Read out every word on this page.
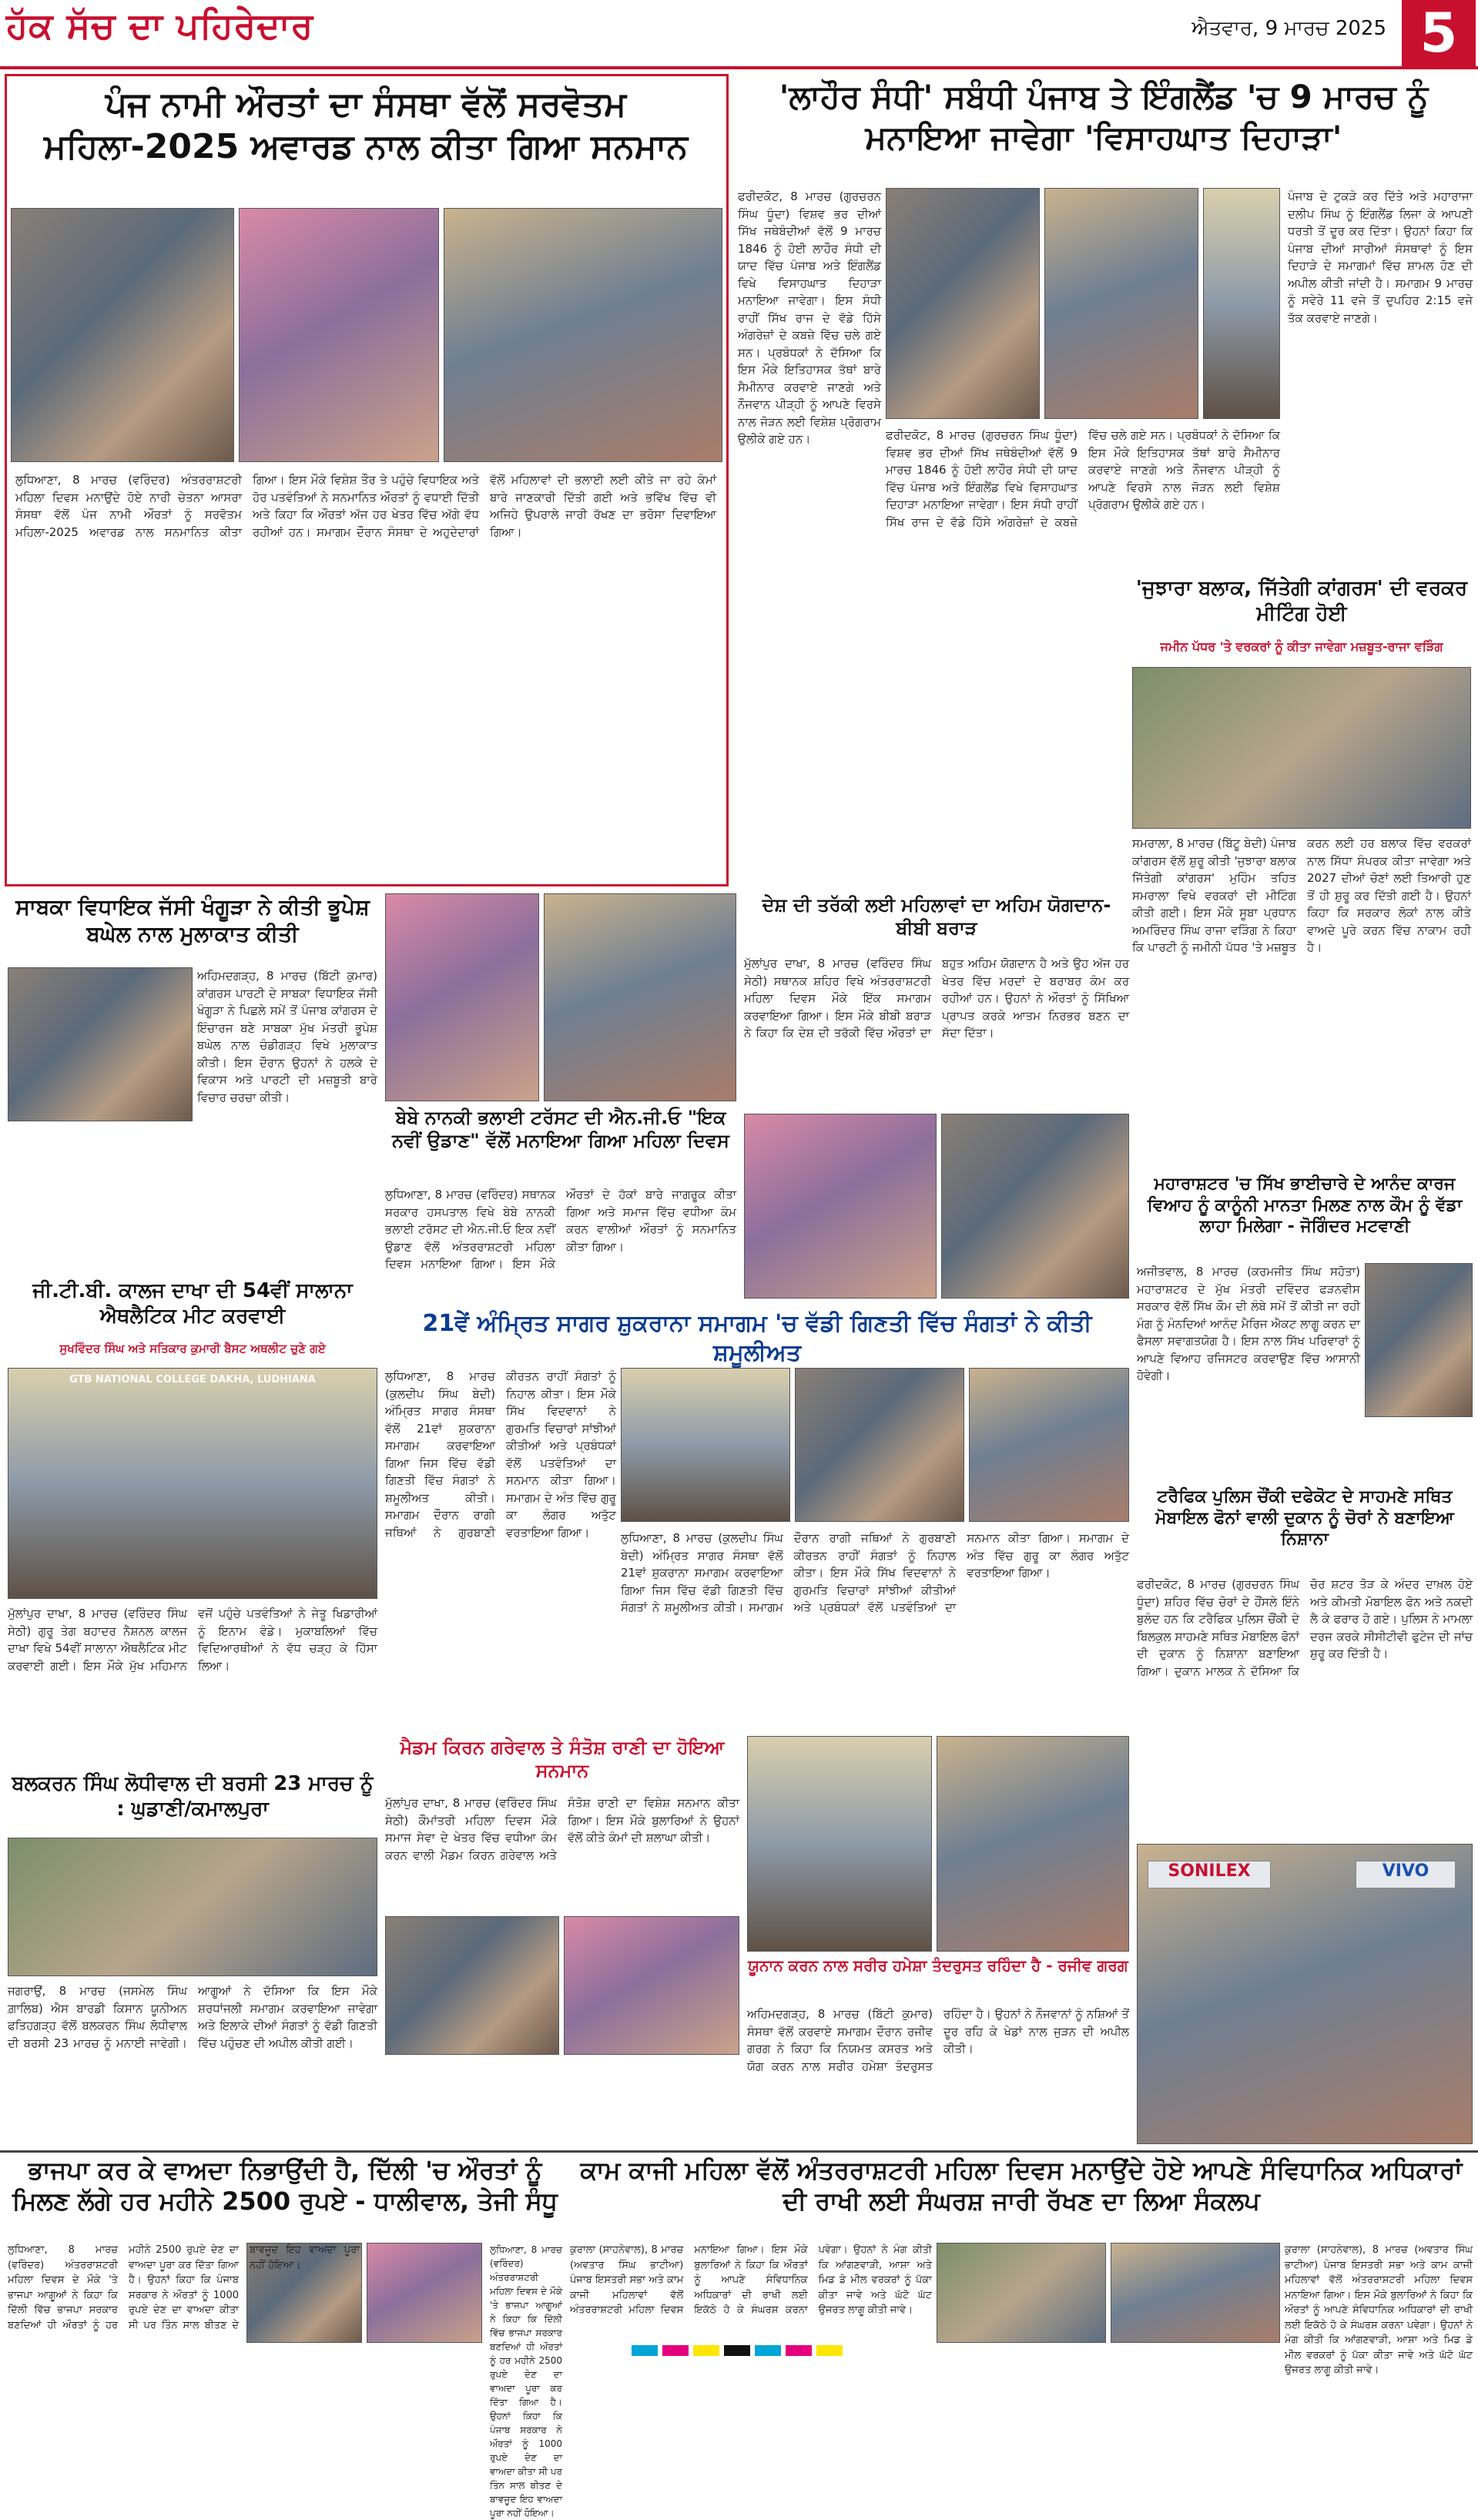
ਹੱਕ ਸੱਚ ਦਾ ਪਹਿਰੇਦਾਰ	ਐਤਵਾਰ, 9 ਮਾਰਚ 2025 5
ਪੰਜ ਨਾਮੀ ਔਰਤਾਂ ਦਾ ਸੰਸਥਾ ਵੱਲੋਂ ਸਰਵੋਤਮ ਮਹਿਲਾ-2025 ਅਵਾਰਡ ਨਾਲ ਕੀਤਾ ਗਿਆ ਸਨਮਾਨ
ਲੁਧਿਆਣਾ, 8 ਮਾਰਚ (ਵਰਿੰਦਰ) ਅੰਤਰਰਾਸ਼ਟਰੀ ਮਹਿਲਾ ਦਿਵਸ ਮਨਾਉਂਦੇ ਹੋਏ ਨਾਰੀ ਚੇਤਨਾ ਆਸਰਾ ਸੰਸਥਾ ਵੱਲੋਂ ਪੰਜ ਨਾਮੀ ਔਰਤਾਂ ਨੂੰ ਸਰਵੋਤਮ ਮਹਿਲਾ-2025 ਅਵਾਰਡ ਨਾਲ ਸਨਮਾਨਿਤ ਕੀਤਾ ਗਿਆ। ਇਸ ਮੌਕੇ ਵਿਸ਼ੇਸ਼ ਤੌਰ ਤੇ ਪਹੁੰਚੇ ਵਿਧਾਇਕ ਅਤੇ ਹੋਰ ਪਤਵੰਤਿਆਂ ਨੇ ਸਨਮਾਨਿਤ ਔਰਤਾਂ ਨੂੰ ਵਧਾਈ ਦਿੱਤੀ ਅਤੇ ਕਿਹਾ ਕਿ ਔਰਤਾਂ ਅੱਜ ਹਰ ਖੇਤਰ ਵਿੱਚ ਅੱਗੇ ਵੱਧ ਰਹੀਆਂ ਹਨ। ਸਮਾਗਮ ਦੌਰਾਨ ਸੰਸਥਾ ਦੇ ਅਹੁਦੇਦਾਰਾਂ ਵੱਲੋਂ ਮਹਿਲਾਵਾਂ ਦੀ ਭਲਾਈ ਲਈ ਕੀਤੇ ਜਾ ਰਹੇ ਕੰਮਾਂ ਬਾਰੇ ਜਾਣਕਾਰੀ ਦਿੱਤੀ ਗਈ ਅਤੇ ਭਵਿੱਖ ਵਿੱਚ ਵੀ ਅਜਿਹੇ ਉਪਰਾਲੇ ਜਾਰੀ ਰੱਖਣ ਦਾ ਭਰੋਸਾ ਦਿਵਾਇਆ ਗਿਆ।
'ਲਾਹੌਰ ਸੰਧੀ' ਸਬੰਧੀ ਪੰਜਾਬ ਤੇ ਇੰਗਲੈਂਡ 'ਚ 9 ਮਾਰਚ ਨੂੰ ਮਨਾਇਆ ਜਾਵੇਗਾ 'ਵਿਸਾਹਘਾਤ ਦਿਹਾੜਾ'
ਫਰੀਦਕੋਟ, 8 ਮਾਰਚ (ਗੁਰਚਰਨ ਸਿੰਘ ਧੂੰਦਾ) ਵਿਸ਼ਵ ਭਰ ਦੀਆਂ ਸਿੱਖ ਜਥੇਬੰਦੀਆਂ ਵੱਲੋਂ 9 ਮਾਰਚ 1846 ਨੂੰ ਹੋਈ ਲਾਹੌਰ ਸੰਧੀ ਦੀ ਯਾਦ ਵਿੱਚ ਪੰਜਾਬ ਅਤੇ ਇੰਗਲੈਂਡ ਵਿਖੇ ਵਿਸਾਹਘਾਤ ਦਿਹਾੜਾ ਮਨਾਇਆ ਜਾਵੇਗਾ। ਇਸ ਸੰਧੀ ਰਾਹੀਂ ਸਿੱਖ ਰਾਜ ਦੇ ਵੱਡੇ ਹਿੱਸੇ ਅੰਗਰੇਜ਼ਾਂ ਦੇ ਕਬਜ਼ੇ ਵਿੱਚ ਚਲੇ ਗਏ ਸਨ। ਪ੍ਰਬੰਧਕਾਂ ਨੇ ਦੱਸਿਆ ਕਿ ਇਸ ਮੌਕੇ ਇਤਿਹਾਸਕ ਤੱਥਾਂ ਬਾਰੇ ਸੈਮੀਨਾਰ ਕਰਵਾਏ ਜਾਣਗੇ ਅਤੇ ਨੌਜਵਾਨ ਪੀੜ੍ਹੀ ਨੂੰ ਆਪਣੇ ਵਿਰਸੇ ਨਾਲ ਜੋੜਨ ਲਈ ਵਿਸ਼ੇਸ਼ ਪ੍ਰੋਗਰਾਮ ਉਲੀਕੇ ਗਏ ਹਨ।	ਫਰੀਦਕੋਟ, 8 ਮਾਰਚ (ਗੁਰਚਰਨ ਸਿੰਘ ਧੂੰਦਾ) ਵਿਸ਼ਵ ਭਰ ਦੀਆਂ ਸਿੱਖ ਜਥੇਬੰਦੀਆਂ ਵੱਲੋਂ 9 ਮਾਰਚ 1846 ਨੂੰ ਹੋਈ ਲਾਹੌਰ ਸੰਧੀ ਦੀ ਯਾਦ ਵਿੱਚ ਪੰਜਾਬ ਅਤੇ ਇੰਗਲੈਂਡ ਵਿਖੇ ਵਿਸਾਹਘਾਤ ਦਿਹਾੜਾ ਮਨਾਇਆ ਜਾਵੇਗਾ। ਇਸ ਸੰਧੀ ਰਾਹੀਂ ਸਿੱਖ ਰਾਜ ਦੇ ਵੱਡੇ ਹਿੱਸੇ ਅੰਗਰੇਜ਼ਾਂ ਦੇ ਕਬਜ਼ੇ ਵਿੱਚ ਚਲੇ ਗਏ ਸਨ। ਪ੍ਰਬੰਧਕਾਂ ਨੇ ਦੱਸਿਆ ਕਿ ਇਸ ਮੌਕੇ ਇਤਿਹਾਸਕ ਤੱਥਾਂ ਬਾਰੇ ਸੈਮੀਨਾਰ ਕਰਵਾਏ ਜਾਣਗੇ ਅਤੇ ਨੌਜਵਾਨ ਪੀੜ੍ਹੀ ਨੂੰ ਆਪਣੇ ਵਿਰਸੇ ਨਾਲ ਜੋੜਨ ਲਈ ਵਿਸ਼ੇਸ਼ ਪ੍ਰੋਗਰਾਮ ਉਲੀਕੇ ਗਏ ਹਨ।
ਪੰਜਾਬ ਦੇ ਟੁਕੜੇ ਕਰ ਦਿੱਤੇ ਅਤੇ ਮਹਾਰਾਜਾ ਦਲੀਪ ਸਿੰਘ ਨੂੰ ਇੰਗਲੈਂਡ ਲਿਜਾ ਕੇ ਆਪਣੀ ਧਰਤੀ ਤੋਂ ਦੂਰ ਕਰ ਦਿੱਤਾ। ਉਹਨਾਂ ਕਿਹਾ ਕਿ ਪੰਜਾਬ ਦੀਆਂ ਸਾਰੀਆਂ ਸੰਸਥਾਵਾਂ ਨੂੰ ਇਸ ਦਿਹਾੜੇ ਦੇ ਸਮਾਗਮਾਂ ਵਿੱਚ ਸ਼ਾਮਲ ਹੋਣ ਦੀ ਅਪੀਲ ਕੀਤੀ ਜਾਂਦੀ ਹੈ। ਸਮਾਗਮ 9 ਮਾਰਚ ਨੂੰ ਸਵੇਰੇ 11 ਵਜੇ ਤੋਂ ਦੁਪਹਿਰ 2:15 ਵਜੇ ਤੱਕ ਕਰਵਾਏ ਜਾਣਗੇ।
'ਜੁਝਾਰਾ ਬਲਾਕ, ਜਿੱਤੇਗੀ ਕਾਂਗਰਸ' ਦੀ ਵਰਕਰ ਮੀਟਿੰਗ ਹੋਈ
ਜਮੀਨ ਪੱਧਰ 'ਤੇ ਵਰਕਰਾਂ ਨੂੰ ਕੀਤਾ ਜਾਵੇਗਾ ਮਜ਼ਬੂਤ-ਰਾਜਾ ਵੜਿੰਗ
ਸਮਰਾਲਾ, 8 ਮਾਰਚ (ਬਿੱਟੂ ਬੇਦੀ) ਪੰਜਾਬ ਕਾਂਗਰਸ ਵੱਲੋਂ ਸ਼ੁਰੂ ਕੀਤੀ 'ਜੁਝਾਰਾ ਬਲਾਕ ਜਿੱਤੇਗੀ ਕਾਂਗਰਸ' ਮੁਹਿੰਮ ਤਹਿਤ ਸਮਰਾਲਾ ਵਿਖੇ ਵਰਕਰਾਂ ਦੀ ਮੀਟਿੰਗ ਕੀਤੀ ਗਈ। ਇਸ ਮੌਕੇ ਸੂਬਾ ਪ੍ਰਧਾਨ ਅਮਰਿੰਦਰ ਸਿੰਘ ਰਾਜਾ ਵੜਿੰਗ ਨੇ ਕਿਹਾ ਕਿ ਪਾਰਟੀ ਨੂੰ ਜਮੀਨੀ ਪੱਧਰ 'ਤੇ ਮਜ਼ਬੂਤ ਕਰਨ ਲਈ ਹਰ ਬਲਾਕ ਵਿੱਚ ਵਰਕਰਾਂ ਨਾਲ ਸਿੱਧਾ ਸੰਪਰਕ ਕੀਤਾ ਜਾਵੇਗਾ ਅਤੇ 2027 ਦੀਆਂ ਚੋਣਾਂ ਲਈ ਤਿਆਰੀ ਹੁਣ ਤੋਂ ਹੀ ਸ਼ੁਰੂ ਕਰ ਦਿੱਤੀ ਗਈ ਹੈ। ਉਹਨਾਂ ਕਿਹਾ ਕਿ ਸਰਕਾਰ ਲੋਕਾਂ ਨਾਲ ਕੀਤੇ ਵਾਅਦੇ ਪੂਰੇ ਕਰਨ ਵਿੱਚ ਨਾਕਾਮ ਰਹੀ ਹੈ।
ਸਾਬਕਾ ਵਿਧਾਇਕ ਜੱਸੀ ਖੰਗੂੜਾ ਨੇ ਕੀਤੀ ਭੂਪੇਸ਼ ਬਘੇਲ ਨਾਲ ਮੁਲਾਕਾਤ ਕੀਤੀ
ਅਹਿਮਦਗੜ੍ਹ, 8 ਮਾਰਚ (ਬਿੱਟੀ ਕੁਮਾਰ) ਕਾਂਗਰਸ ਪਾਰਟੀ ਦੇ ਸਾਬਕਾ ਵਿਧਾਇਕ ਜੱਸੀ ਖੰਗੂੜਾ ਨੇ ਪਿਛਲੇ ਸਮੇਂ ਤੋਂ ਪੰਜਾਬ ਕਾਂਗਰਸ ਦੇ ਇੰਚਾਰਜ ਬਣੇ ਸਾਬਕਾ ਮੁੱਖ ਮੰਤਰੀ ਭੂਪੇਸ਼ ਬਘੇਲ ਨਾਲ ਚੰਡੀਗੜ੍ਹ ਵਿਖੇ ਮੁਲਾਕਾਤ ਕੀਤੀ। ਇਸ ਦੌਰਾਨ ਉਹਨਾਂ ਨੇ ਹਲਕੇ ਦੇ ਵਿਕਾਸ ਅਤੇ ਪਾਰਟੀ ਦੀ ਮਜ਼ਬੂਤੀ ਬਾਰੇ ਵਿਚਾਰ ਚਰਚਾ ਕੀਤੀ।
ਜੀ.ਟੀ.ਬੀ. ਕਾਲਜ ਦਾਖਾ ਦੀ 54ਵੀਂ ਸਾਲਾਨਾ ਐਥਲੈਟਿਕ ਮੀਟ ਕਰਵਾਈ
ਸੁਖਵਿੰਦਰ ਸਿੰਘ ਅਤੇ ਸਤਿਕਾਰ ਕੁਮਾਰੀ ਬੈਸਟ ਅਥਲੀਟ ਚੁਣੇ ਗਏ
GTB NATIONAL COLLEGE DAKHA, LUDHIANA
ਮੁੱਲਾਂਪੁਰ ਦਾਖਾ, 8 ਮਾਰਚ (ਵਰਿੰਦਰ ਸਿੰਘ ਸੇਠੀ) ਗੁਰੂ ਤੇਗ ਬਹਾਦਰ ਨੈਸ਼ਨਲ ਕਾਲਜ ਦਾਖਾ ਵਿਖੇ 54ਵੀਂ ਸਾਲਾਨਾ ਐਥਲੈਟਿਕ ਮੀਟ ਕਰਵਾਈ ਗਈ। ਇਸ ਮੌਕੇ ਮੁੱਖ ਮਹਿਮਾਨ ਵਜੋਂ ਪਹੁੰਚੇ ਪਤਵੰਤਿਆਂ ਨੇ ਜੇਤੂ ਖਿਡਾਰੀਆਂ ਨੂੰ ਇਨਾਮ ਵੰਡੇ। ਮੁਕਾਬਲਿਆਂ ਵਿੱਚ ਵਿਦਿਆਰਥੀਆਂ ਨੇ ਵੱਧ ਚੜ੍ਹ ਕੇ ਹਿੱਸਾ ਲਿਆ।
ਬਲਕਰਨ ਸਿੰਘ ਲੋਧੀਵਾਲ ਦੀ ਬਰਸੀ 23 ਮਾਰਚ ਨੂੰ : ਘੁਡਾਣੀ/ਕਮਾਲਪੁਰਾ
ਜਗਰਾਉਂ, 8 ਮਾਰਚ (ਜਸਮੇਲ ਸਿੰਘ ਗ਼ਾਲਿਬ) ਐਸ ਬਾਰਡੀ ਕਿਸਾਨ ਯੂਨੀਅਨ ਫਤਿਹਗੜ੍ਹ ਵੱਲੋਂ ਬਲਕਰਨ ਸਿੰਘ ਲੋਧੀਵਾਲ ਦੀ ਬਰਸੀ 23 ਮਾਰਚ ਨੂੰ ਮਨਾਈ ਜਾਵੇਗੀ। ਆਗੂਆਂ ਨੇ ਦੱਸਿਆ ਕਿ ਇਸ ਮੌਕੇ ਸ਼ਰਧਾਂਜਲੀ ਸਮਾਗਮ ਕਰਵਾਇਆ ਜਾਵੇਗਾ ਅਤੇ ਇਲਾਕੇ ਦੀਆਂ ਸੰਗਤਾਂ ਨੂੰ ਵੱਡੀ ਗਿਣਤੀ ਵਿੱਚ ਪਹੁੰਚਣ ਦੀ ਅਪੀਲ ਕੀਤੀ ਗਈ।
ਬੇਬੇ ਨਾਨਕੀ ਭਲਾਈ ਟਰੱਸਟ ਦੀ ਐਨ.ਜੀ.ਓ "ਇਕ ਨਵੀਂ ਉਡਾਣ" ਵੱਲੋਂ ਮਨਾਇਆ ਗਿਆ ਮਹਿਲਾ ਦਿਵਸ
ਲੁਧਿਆਣਾ, 8 ਮਾਰਚ (ਵਰਿੰਦਰ) ਸਥਾਨਕ ਸਰਕਾਰ ਹਸਪਤਾਲ ਵਿਖੇ ਬੇਬੇ ਨਾਨਕੀ ਭਲਾਈ ਟਰੱਸਟ ਦੀ ਐਨ.ਜੀ.ਓ ਇਕ ਨਵੀਂ ਉਡਾਣ ਵੱਲੋਂ ਅੰਤਰਰਾਸ਼ਟਰੀ ਮਹਿਲਾ ਦਿਵਸ ਮਨਾਇਆ ਗਿਆ। ਇਸ ਮੌਕੇ ਔਰਤਾਂ ਦੇ ਹੱਕਾਂ ਬਾਰੇ ਜਾਗਰੂਕ ਕੀਤਾ ਗਿਆ ਅਤੇ ਸਮਾਜ ਵਿੱਚ ਵਧੀਆ ਕੰਮ ਕਰਨ ਵਾਲੀਆਂ ਔਰਤਾਂ ਨੂੰ ਸਨਮਾਨਿਤ ਕੀਤਾ ਗਿਆ।
ਦੇਸ਼ ਦੀ ਤਰੱਕੀ ਲਈ ਮਹਿਲਾਵਾਂ ਦਾ ਅਹਿਮ ਯੋਗਦਾਨ- ਬੀਬੀ ਬਰਾੜ
ਮੁੱਲਾਂਪੁਰ ਦਾਖਾ, 8 ਮਾਰਚ (ਵਰਿੰਦਰ ਸਿੰਘ ਸੇਠੀ) ਸਥਾਨਕ ਸ਼ਹਿਰ ਵਿਖੇ ਅੰਤਰਰਾਸ਼ਟਰੀ ਮਹਿਲਾ ਦਿਵਸ ਮੌਕੇ ਇੱਕ ਸਮਾਗਮ ਕਰਵਾਇਆ ਗਿਆ। ਇਸ ਮੌਕੇ ਬੀਬੀ ਬਰਾੜ ਨੇ ਕਿਹਾ ਕਿ ਦੇਸ਼ ਦੀ ਤਰੱਕੀ ਵਿੱਚ ਔਰਤਾਂ ਦਾ ਬਹੁਤ ਅਹਿਮ ਯੋਗਦਾਨ ਹੈ ਅਤੇ ਉਹ ਅੱਜ ਹਰ ਖੇਤਰ ਵਿੱਚ ਮਰਦਾਂ ਦੇ ਬਰਾਬਰ ਕੰਮ ਕਰ ਰਹੀਆਂ ਹਨ। ਉਹਨਾਂ ਨੇ ਔਰਤਾਂ ਨੂੰ ਸਿੱਖਿਆ ਪ੍ਰਾਪਤ ਕਰਕੇ ਆਤਮ ਨਿਰਭਰ ਬਣਨ ਦਾ ਸੱਦਾ ਦਿੱਤਾ।
21ਵੇਂ ਅੰਮ੍ਰਿਤ ਸਾਗਰ ਸ਼ੁਕਰਾਨਾ ਸਮਾਗਮ 'ਚ ਵੱਡੀ ਗਿਣਤੀ ਵਿੱਚ ਸੰਗਤਾਂ ਨੇ ਕੀਤੀ ਸ਼ਮੂਲੀਅਤ
ਲੁਧਿਆਣਾ, 8 ਮਾਰਚ (ਕੁਲਦੀਪ ਸਿੰਘ ਬੇਦੀ) ਅੰਮ੍ਰਿਤ ਸਾਗਰ ਸੰਸਥਾ ਵੱਲੋਂ 21ਵਾਂ ਸ਼ੁਕਰਾਨਾ ਸਮਾਗਮ ਕਰਵਾਇਆ ਗਿਆ ਜਿਸ ਵਿੱਚ ਵੱਡੀ ਗਿਣਤੀ ਵਿੱਚ ਸੰਗਤਾਂ ਨੇ ਸ਼ਮੂਲੀਅਤ ਕੀਤੀ। ਸਮਾਗਮ ਦੌਰਾਨ ਰਾਗੀ ਜਥਿਆਂ ਨੇ ਗੁਰਬਾਣੀ ਕੀਰਤਨ ਰਾਹੀਂ ਸੰਗਤਾਂ ਨੂੰ ਨਿਹਾਲ ਕੀਤਾ। ਇਸ ਮੌਕੇ ਸਿੱਖ ਵਿਦਵਾਨਾਂ ਨੇ ਗੁਰਮਤਿ ਵਿਚਾਰਾਂ ਸਾਂਝੀਆਂ ਕੀਤੀਆਂ ਅਤੇ ਪ੍ਰਬੰਧਕਾਂ ਵੱਲੋਂ ਪਤਵੰਤਿਆਂ ਦਾ ਸਨਮਾਨ ਕੀਤਾ ਗਿਆ। ਸਮਾਗਮ ਦੇ ਅੰਤ ਵਿੱਚ ਗੁਰੂ ਕਾ ਲੰਗਰ ਅਤੁੱਟ ਵਰਤਾਇਆ ਗਿਆ।	ਲੁਧਿਆਣਾ, 8 ਮਾਰਚ (ਕੁਲਦੀਪ ਸਿੰਘ ਬੇਦੀ) ਅੰਮ੍ਰਿਤ ਸਾਗਰ ਸੰਸਥਾ ਵੱਲੋਂ 21ਵਾਂ ਸ਼ੁਕਰਾਨਾ ਸਮਾਗਮ ਕਰਵਾਇਆ ਗਿਆ ਜਿਸ ਵਿੱਚ ਵੱਡੀ ਗਿਣਤੀ ਵਿੱਚ ਸੰਗਤਾਂ ਨੇ ਸ਼ਮੂਲੀਅਤ ਕੀਤੀ। ਸਮਾਗਮ ਦੌਰਾਨ ਰਾਗੀ ਜਥਿਆਂ ਨੇ ਗੁਰਬਾਣੀ ਕੀਰਤਨ ਰਾਹੀਂ ਸੰਗਤਾਂ ਨੂੰ ਨਿਹਾਲ ਕੀਤਾ। ਇਸ ਮੌਕੇ ਸਿੱਖ ਵਿਦਵਾਨਾਂ ਨੇ ਗੁਰਮਤਿ ਵਿਚਾਰਾਂ ਸਾਂਝੀਆਂ ਕੀਤੀਆਂ ਅਤੇ ਪ੍ਰਬੰਧਕਾਂ ਵੱਲੋਂ ਪਤਵੰਤਿਆਂ ਦਾ ਸਨਮਾਨ ਕੀਤਾ ਗਿਆ। ਸਮਾਗਮ ਦੇ ਅੰਤ ਵਿੱਚ ਗੁਰੂ ਕਾ ਲੰਗਰ ਅਤੁੱਟ ਵਰਤਾਇਆ ਗਿਆ।
ਮੈਡਮ ਕਿਰਨ ਗਰੇਵਾਲ ਤੇ ਸੰਤੋਸ਼ ਰਾਣੀ ਦਾ ਹੋਇਆ ਸਨਮਾਨ
ਮੁੱਲਾਂਪੁਰ ਦਾਖਾ, 8 ਮਾਰਚ (ਵਰਿੰਦਰ ਸਿੰਘ ਸੇਠੀ) ਕੌਮਾਂਤਰੀ ਮਹਿਲਾ ਦਿਵਸ ਮੌਕੇ ਸਮਾਜ ਸੇਵਾ ਦੇ ਖੇਤਰ ਵਿੱਚ ਵਧੀਆ ਕੰਮ ਕਰਨ ਵਾਲੀ ਮੈਡਮ ਕਿਰਨ ਗਰੇਵਾਲ ਅਤੇ ਸੰਤੋਸ਼ ਰਾਣੀ ਦਾ ਵਿਸ਼ੇਸ਼ ਸਨਮਾਨ ਕੀਤਾ ਗਿਆ। ਇਸ ਮੌਕੇ ਬੁਲਾਰਿਆਂ ਨੇ ਉਹਨਾਂ ਵੱਲੋਂ ਕੀਤੇ ਕੰਮਾਂ ਦੀ ਸ਼ਲਾਘਾ ਕੀਤੀ।
ਯੂਨਾਨ ਕਰਨ ਨਾਲ ਸਰੀਰ ਹਮੇਸ਼ਾ ਤੰਦਰੁਸਤ ਰਹਿੰਦਾ ਹੈ - ਰਜੀਵ ਗਰਗ
ਅਹਿਮਦਗੜ੍ਹ, 8 ਮਾਰਚ (ਬਿੱਟੀ ਕੁਮਾਰ) ਸੰਸਥਾ ਵੱਲੋਂ ਕਰਵਾਏ ਸਮਾਗਮ ਦੌਰਾਨ ਰਜੀਵ ਗਰਗ ਨੇ ਕਿਹਾ ਕਿ ਨਿਯਮਤ ਕਸਰਤ ਅਤੇ ਯੋਗ ਕਰਨ ਨਾਲ ਸਰੀਰ ਹਮੇਸ਼ਾ ਤੰਦਰੁਸਤ ਰਹਿੰਦਾ ਹੈ। ਉਹਨਾਂ ਨੇ ਨੌਜਵਾਨਾਂ ਨੂੰ ਨਸ਼ਿਆਂ ਤੋਂ ਦੂਰ ਰਹਿ ਕੇ ਖੇਡਾਂ ਨਾਲ ਜੁੜਨ ਦੀ ਅਪੀਲ ਕੀਤੀ।
ਮਹਾਰਾਸ਼ਟਰ 'ਚ ਸਿੱਖ ਭਾਈਚਾਰੇ ਦੇ ਆਨੰਦ ਕਾਰਜ ਵਿਆਹ ਨੂੰ ਕਾਨੂੰਨੀ ਮਾਨਤਾ ਮਿਲਣ ਨਾਲ ਕੌਮ ਨੂੰ ਵੱਡਾ ਲਾਹਾ ਮਿਲੇਗਾ - ਜੋਗਿੰਦਰ ਮਟਵਾਣੀ
ਅਜੀਤਵਾਲ, 8 ਮਾਰਚ (ਕਰਮਜੀਤ ਸਿੰਘ ਸਹੋਤਾ) ਮਹਾਰਾਸ਼ਟਰ ਦੇ ਮੁੱਖ ਮੰਤਰੀ ਦਵਿੰਦਰ ਫੜਨਵੀਸ ਸਰਕਾਰ ਵੱਲੋਂ ਸਿੱਖ ਕੌਮ ਦੀ ਲੰਬੇ ਸਮੇਂ ਤੋਂ ਕੀਤੀ ਜਾ ਰਹੀ ਮੰਗ ਨੂੰ ਮੰਨਦਿਆਂ ਆਨੰਦ ਮੈਰਿਜ ਐਕਟ ਲਾਗੂ ਕਰਨ ਦਾ ਫੈਸਲਾ ਸਵਾਗਤਯੋਗ ਹੈ। ਇਸ ਨਾਲ ਸਿੱਖ ਪਰਿਵਾਰਾਂ ਨੂੰ ਆਪਣੇ ਵਿਆਹ ਰਜਿਸਟਰ ਕਰਵਾਉਣ ਵਿੱਚ ਆਸਾਨੀ ਹੋਵੇਗੀ।
ਟਰੈਫਿਕ ਪੁਲਿਸ ਚੌਂਕੀ ਦਫੇਕੋਟ ਦੇ ਸਾਹਮਣੇ ਸਥਿਤ ਮੋਬਾਇਲ ਫੋਨਾਂ ਵਾਲੀ ਦੁਕਾਨ ਨੂੰ ਚੋਰਾਂ ਨੇ ਬਣਾਇਆ ਨਿਸ਼ਾਨਾ
ਫਰੀਦਕੋਟ, 8 ਮਾਰਚ (ਗੁਰਚਰਨ ਸਿੰਘ ਧੂੰਦਾ) ਸ਼ਹਿਰ ਵਿੱਚ ਚੋਰਾਂ ਦੇ ਹੌਂਸਲੇ ਇੰਨੇ ਬੁਲੰਦ ਹਨ ਕਿ ਟਰੈਫਿਕ ਪੁਲਿਸ ਚੌਂਕੀ ਦੇ ਬਿਲਕੁਲ ਸਾਹਮਣੇ ਸਥਿਤ ਮੋਬਾਇਲ ਫੋਨਾਂ ਦੀ ਦੁਕਾਨ ਨੂੰ ਨਿਸ਼ਾਨਾ ਬਣਾਇਆ ਗਿਆ। ਦੁਕਾਨ ਮਾਲਕ ਨੇ ਦੱਸਿਆ ਕਿ ਚੋਰ ਸ਼ਟਰ ਤੋੜ ਕੇ ਅੰਦਰ ਦਾਖ਼ਲ ਹੋਏ ਅਤੇ ਕੀਮਤੀ ਮੋਬਾਇਲ ਫੋਨ ਅਤੇ ਨਕਦੀ ਲੈ ਕੇ ਫਰਾਰ ਹੋ ਗਏ। ਪੁਲਿਸ ਨੇ ਮਾਮਲਾ ਦਰਜ ਕਰਕੇ ਸੀਸੀਟੀਵੀ ਫੁਟੇਜ ਦੀ ਜਾਂਚ ਸ਼ੁਰੂ ਕਰ ਦਿੱਤੀ ਹੈ।
SONILEX	VIVO
ਭਾਜਪਾ ਕਰ ਕੇ ਵਾਅਦਾ ਨਿਭਾਉਂਦੀ ਹੈ, ਦਿੱਲੀ 'ਚ ਔਰਤਾਂ ਨੂੰ ਮਿਲਣ ਲੱਗੇ ਹਰ ਮਹੀਨੇ 2500 ਰੁਪਏ - ਧਾਲੀਵਾਲ, ਤੇਜੀ ਸੰਧੂ
ਲੁਧਿਆਣਾ, 8 ਮਾਰਚ (ਵਰਿੰਦਰ) ਅੰਤਰਰਾਸ਼ਟਰੀ ਮਹਿਲਾ ਦਿਵਸ ਦੇ ਮੌਕੇ 'ਤੇ ਭਾਜਪਾ ਆਗੂਆਂ ਨੇ ਕਿਹਾ ਕਿ ਦਿੱਲੀ ਵਿੱਚ ਭਾਜਪਾ ਸਰਕਾਰ ਬਣਦਿਆਂ ਹੀ ਔਰਤਾਂ ਨੂੰ ਹਰ ਮਹੀਨੇ 2500 ਰੁਪਏ ਦੇਣ ਦਾ ਵਾਅਦਾ ਪੂਰਾ ਕਰ ਦਿੱਤਾ ਗਿਆ ਹੈ। ਉਹਨਾਂ ਕਿਹਾ ਕਿ ਪੰਜਾਬ ਸਰਕਾਰ ਨੇ ਔਰਤਾਂ ਨੂੰ 1000 ਰੁਪਏ ਦੇਣ ਦਾ ਵਾਅਦਾ ਕੀਤਾ ਸੀ ਪਰ ਤਿੰਨ ਸਾਲ ਬੀਤਣ ਦੇ
ਲੁਧਿਆਣਾ, 8 ਮਾਰਚ (ਵਰਿੰਦਰ) ਅੰਤਰਰਾਸ਼ਟਰੀ ਮਹਿਲਾ ਦਿਵਸ ਦੇ ਮੌਕੇ 'ਤੇ ਭਾਜਪਾ ਆਗੂਆਂ ਨੇ ਕਿਹਾ ਕਿ ਦਿੱਲੀ ਵਿੱਚ ਭਾਜਪਾ ਸਰਕਾਰ ਬਣਦਿਆਂ ਹੀ ਔਰਤਾਂ ਨੂੰ ਹਰ ਮਹੀਨੇ 2500 ਰੁਪਏ ਦੇਣ ਦਾ ਵਾਅਦਾ ਪੂਰਾ ਕਰ ਦਿੱਤਾ ਗਿਆ ਹੈ। ਉਹਨਾਂ ਕਿਹਾ ਕਿ ਪੰਜਾਬ ਸਰਕਾਰ ਨੇ ਔਰਤਾਂ ਨੂੰ 1000 ਰੁਪਏ ਦੇਣ ਦਾ ਵਾਅਦਾ ਕੀਤਾ ਸੀ ਪਰ ਤਿੰਨ ਸਾਲ ਬੀਤਣ ਦੇ ਬਾਵਜੂਦ ਇਹ ਵਾਅਦਾ ਪੂਰਾ ਨਹੀਂ ਹੋਇਆ।
ਕਾਮ ਕਾਜੀ ਮਹਿਲਾ ਵੱਲੋਂ ਅੰਤਰਰਾਸ਼ਟਰੀ ਮਹਿਲਾ ਦਿਵਸ ਮਨਾਉਂਦੇ ਹੋਏ ਆਪਣੇ ਸੰਵਿਧਾਨਿਕ ਅਧਿਕਾਰਾਂ ਦੀ ਰਾਖੀ ਲਈ ਸੰਘਰਸ਼ ਜਾਰੀ ਰੱਖਣ ਦਾ ਲਿਆ ਸੰਕਲਪ
ਕੁਰਾਲਾ (ਸਾਹਨੇਵਾਲ), 8 ਮਾਰਚ (ਅਵਤਾਰ ਸਿੰਘ ਭਾਟੀਆ) ਪੰਜਾਬ ਇਸਤਰੀ ਸਭਾ ਅਤੇ ਕਾਮ ਕਾਜੀ ਮਹਿਲਾਵਾਂ ਵੱਲੋਂ ਅੰਤਰਰਾਸ਼ਟਰੀ ਮਹਿਲਾ ਦਿਵਸ ਮਨਾਇਆ ਗਿਆ। ਇਸ ਮੌਕੇ ਬੁਲਾਰਿਆਂ ਨੇ ਕਿਹਾ ਕਿ ਔਰਤਾਂ ਨੂੰ ਆਪਣੇ ਸੰਵਿਧਾਨਿਕ ਅਧਿਕਾਰਾਂ ਦੀ ਰਾਖੀ ਲਈ ਇਕੱਠੇ ਹੋ ਕੇ ਸੰਘਰਸ਼ ਕਰਨਾ ਪਵੇਗਾ। ਉਹਨਾਂ ਨੇ ਮੰਗ ਕੀਤੀ ਕਿ ਆਂਗਣਵਾੜੀ, ਆਸ਼ਾ ਅਤੇ ਮਿਡ ਡੇ ਮੀਲ ਵਰਕਰਾਂ ਨੂੰ ਪੱਕਾ ਕੀਤਾ ਜਾਵੇ ਅਤੇ ਘੱਟੋ ਘੱਟ ਉਜਰਤ ਲਾਗੂ ਕੀਤੀ ਜਾਵੇ।
ਕੁਰਾਲਾ (ਸਾਹਨੇਵਾਲ), 8 ਮਾਰਚ (ਅਵਤਾਰ ਸਿੰਘ ਭਾਟੀਆ) ਪੰਜਾਬ ਇਸਤਰੀ ਸਭਾ ਅਤੇ ਕਾਮ ਕਾਜੀ ਮਹਿਲਾਵਾਂ ਵੱਲੋਂ ਅੰਤਰਰਾਸ਼ਟਰੀ ਮਹਿਲਾ ਦਿਵਸ ਮਨਾਇਆ ਗਿਆ। ਇਸ ਮੌਕੇ ਬੁਲਾਰਿਆਂ ਨੇ ਕਿਹਾ ਕਿ ਔਰਤਾਂ ਨੂੰ ਆਪਣੇ ਸੰਵਿਧਾਨਿਕ ਅਧਿਕਾਰਾਂ ਦੀ ਰਾਖੀ ਲਈ ਇਕੱਠੇ ਹੋ ਕੇ ਸੰਘਰਸ਼ ਕਰਨਾ ਪਵੇਗਾ। ਉਹਨਾਂ ਨੇ ਮੰਗ ਕੀਤੀ ਕਿ ਆਂਗਣਵਾੜੀ, ਆਸ਼ਾ ਅਤੇ ਮਿਡ ਡੇ ਮੀਲ ਵਰਕਰਾਂ ਨੂੰ ਪੱਕਾ ਕੀਤਾ ਜਾਵੇ ਅਤੇ ਘੱਟੋ ਘੱਟ ਉਜਰਤ ਲਾਗੂ ਕੀਤੀ ਜਾਵੇ।
